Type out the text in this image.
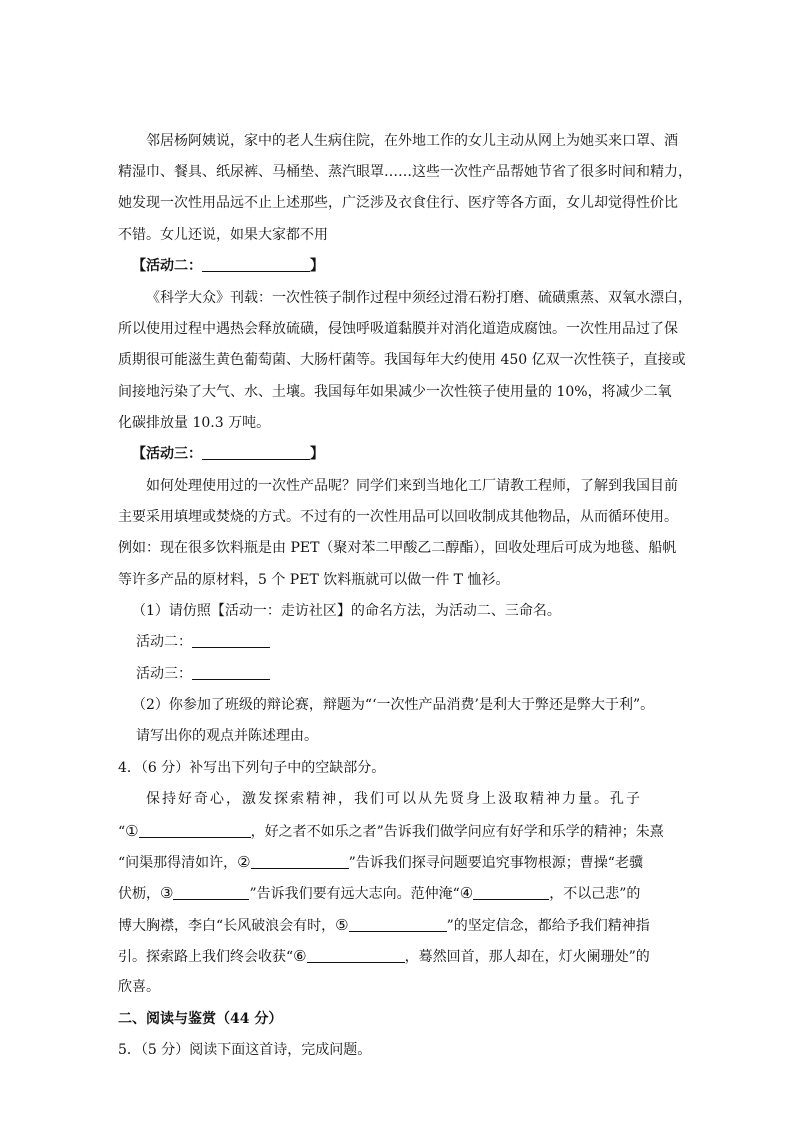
邻居杨阿姨说，家中的老人生病住院，在外地工作的女儿主动从网上为她买来口罩、酒
精湿巾、餐具、纸尿裤、马桶垫、蒸汽眼罩……这些一次性产品帮她节省了很多时间和精力，
她发现一次性用品远不止上述那些，广泛涉及衣食住行、医疗等各方面，女儿却觉得性价比
不错。女儿还说，如果大家都不用
【活动二：	】
《科学大众》刊载：一次性筷子制作过程中须经过滑石粉打磨、硫磺熏蒸、双氧水漂白，
所以使用过程中遇热会释放硫磺，侵蚀呼吸道黏膜并对消化道造成腐蚀。一次性用品过了保
质期很可能滋生黄色葡萄菌、大肠杆菌等。我国每年大约使用 450 亿双一次性筷子，直接或
间接地污染了大气、水、土壤。我国每年如果减少一次性筷子使用量的 10%，将减少二氧
化碳排放量 10.3 万吨。
【活动三：	】
如何处理使用过的一次性产品呢？同学们来到当地化工厂请教工程师，了解到我国目前
主要采用填埋或焚烧的方式。不过有的一次性用品可以回收制成其他物品，从而循环使用。
例如：现在很多饮料瓶是由 PET（聚对苯二甲酸乙二醇酯），回收处理后可成为地毯、船帆
等许多产品的原材料，5 个 PET 饮料瓶就可以做一件 T 恤衫。
（1）请仿照【活动一：走访社区】的命名方法，为活动二、三命名。
活动二：
活动三：
（2）你参加了班级的辩论赛，辩题为“‘一次性产品消费’是利大于弊还是弊大于利”。
请写出你的观点并陈述理由。
4．（6 分）补写出下列句子中的空缺部分。
保持好奇心，激发探索精神，我们可以从先贤身上汲取精神力量。孔子
“①	，好之者不如乐之者”告诉我们做学问应有好学和乐学的精神；朱熹
“问渠那得清如许，②	”告诉我们探寻问题要追究事物根源；曹操“老骥
伏枥，③	”告诉我们要有远大志向。范仲淹“④	，不以己悲”的
博大胸襟，李白“长风破浪会有时，⑤	”的坚定信念，都给予我们精神指
引。探索路上我们终会收获“⑥	，蓦然回首，那人却在，灯火阑珊处”的
欣喜。
二、阅读与鉴赏（44 分）
5．（5 分）阅读下面这首诗，完成问题。
